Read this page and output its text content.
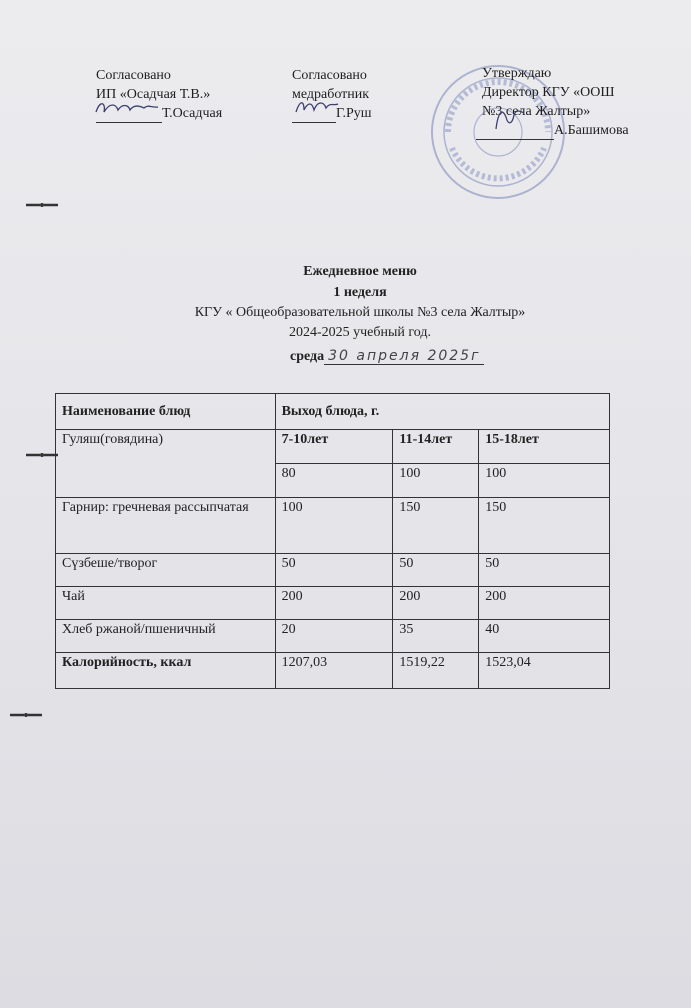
Согласовано
ИП «Осадчая Т.В.»
Т.Осадчая
Согласовано
медработник
Г.Руш
Утверждаю
Директор КГУ «ООШ
№3 села Жалтыр»
А.Башимова
Ежедневное меню
1 неделя
КГУ « Общеобразовательной школы №3 села Жалтыр»
2024-2025 учебный год.
среда 30 апреля 2025г
Наименование блюд	Выход блюда, г.		
Гуляш(говядина)	7-10лет	11-14лет	15-18лет
	80	100	100
Гарнир: гречневая рассыпчатая	100	150	150
Сүзбеше/творог	50	50	50
Чай	200	200	200
Хлеб ржаной/пшеничный	20	35	40
Калорийность, ккал	1207,03	1519,22	1523,04
